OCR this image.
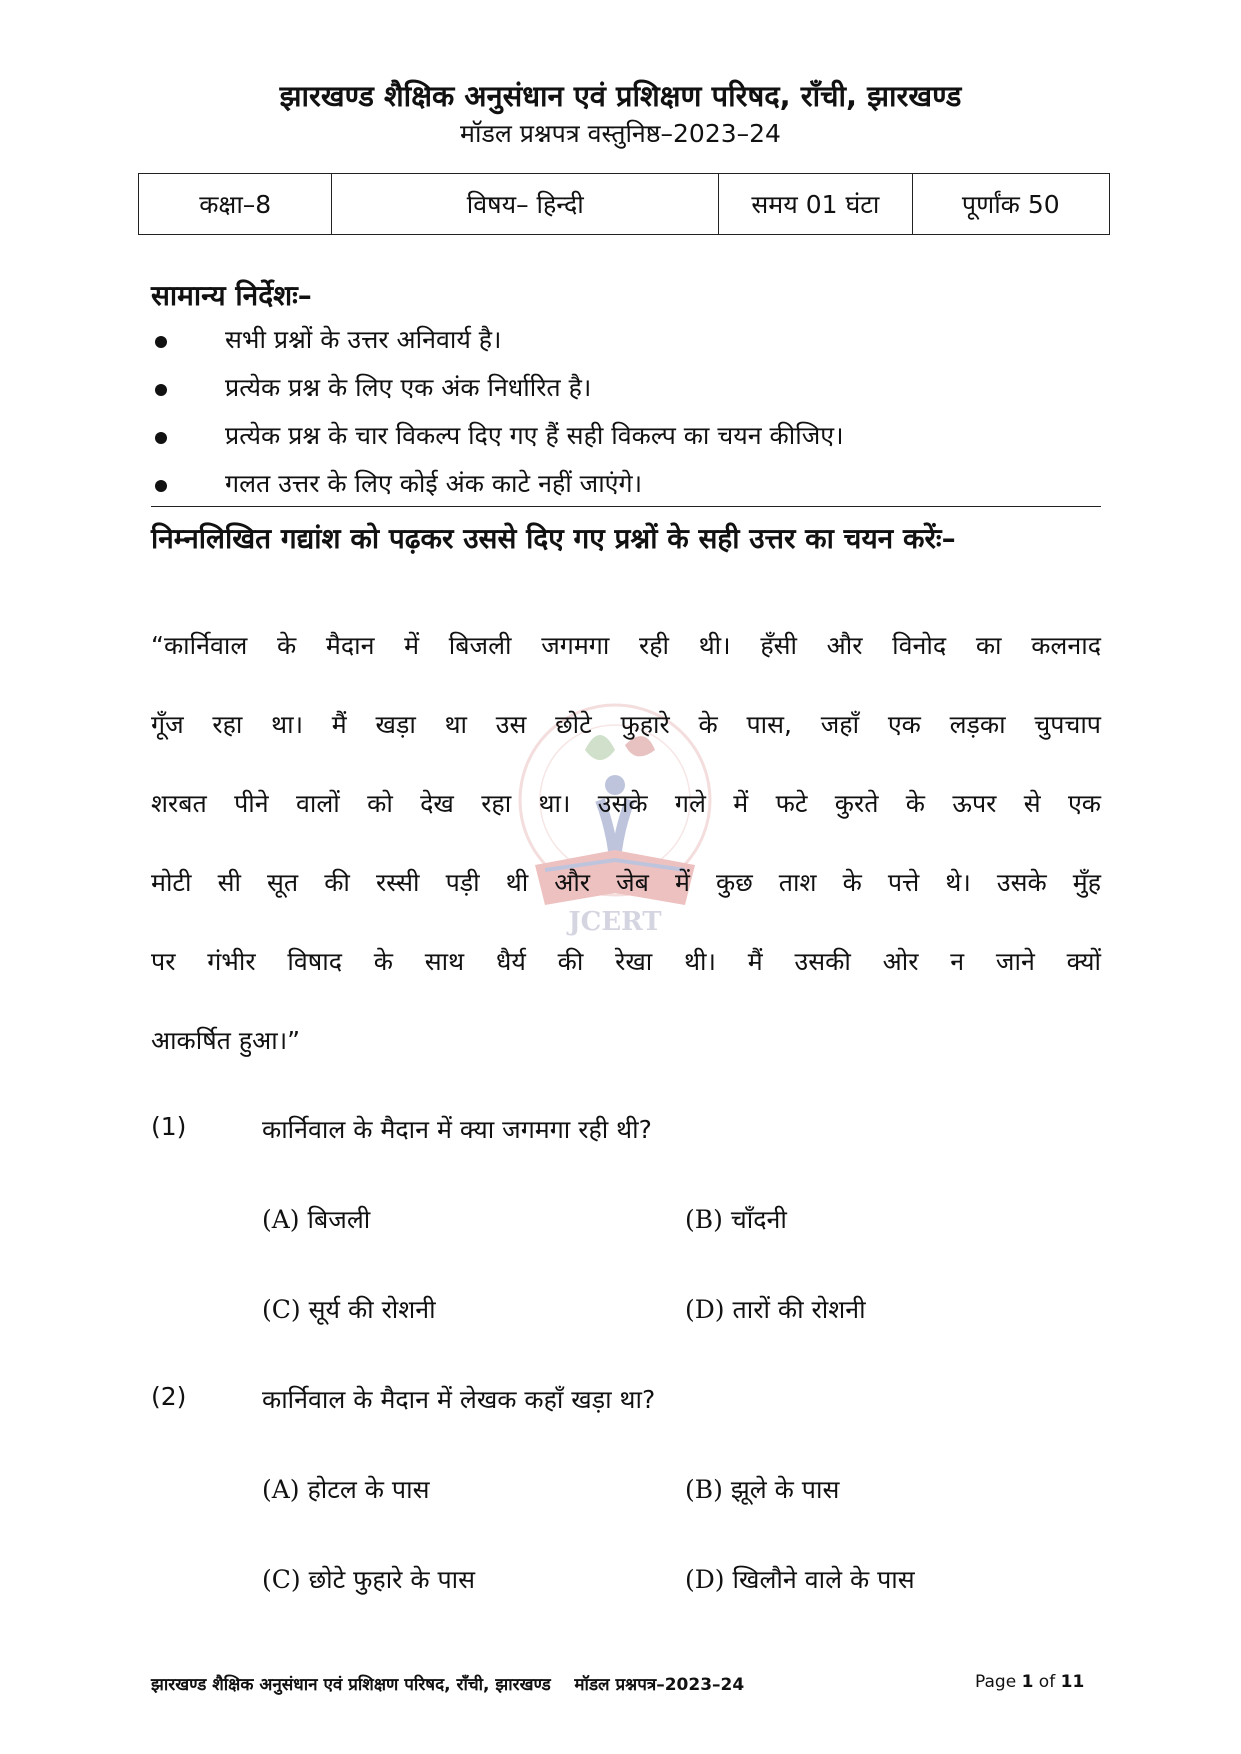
JCERT
झारखण्ड शैक्षिक अनुसंधान एवं प्रशिक्षण परिषद, राँची, झारखण्ड
मॉडल प्रश्नपत्र वस्तुनिष्ठ–2023–24
कक्षा–8	विषय– हिन्दी	समय 01 घंटा	पूर्णांक 50
सामान्य निर्देशः–
सभी प्रश्नों के उत्तर अनिवार्य है।
प्रत्येक प्रश्न के लिए एक अंक निर्धारित है।
प्रत्येक प्रश्न के चार विकल्प दिए गए हैं सही विकल्प का चयन कीजिए।
गलत उत्तर के लिए कोई अंक काटे नहीं जाएंगे।
निम्नलिखित गद्यांश को पढ़कर उससे दिए गए प्रश्नों के सही उत्तर का चयन करेंः–
“कार्निवाल के मैदान में बिजली जगमगा रही थी। हँसी और विनोद का कलनाद
गूँज रहा था। मैं खड़ा था उस छोटे फुहारे के पास, जहाँ एक लड़का चुपचाप
शरबत पीने वालों को देख रहा था। उसके गले में फटे कुरते के ऊपर से एक
मोटी सी सूत की रस्सी पड़ी थी और जेब में कुछ ताश के पत्ते थे। उसके मुँह
पर गंभीर विषाद के साथ धैर्य की रेखा थी। मैं उसकी ओर न जाने क्यों
आकर्षित हुआ।”
(1)	कार्निवाल के मैदान में क्या जगमगा रही थी?
(A) बिजली	(B) चाँदनी
(C) सूर्य की रोशनी	(D) तारों की रोशनी
(2)	कार्निवाल के मैदान में लेखक कहाँ खड़ा था?
(A) होटल के पास	(B) झूले के पास
(C) छोटे फुहारे के पास	(D) खिलौने वाले के पास
झारखण्ड शैक्षिक अनुसंधान एवं प्रशिक्षण परिषद, राँची, झारखण्ड    मॉडल प्रश्नपत्र–2023–24	Page 1 of 11
